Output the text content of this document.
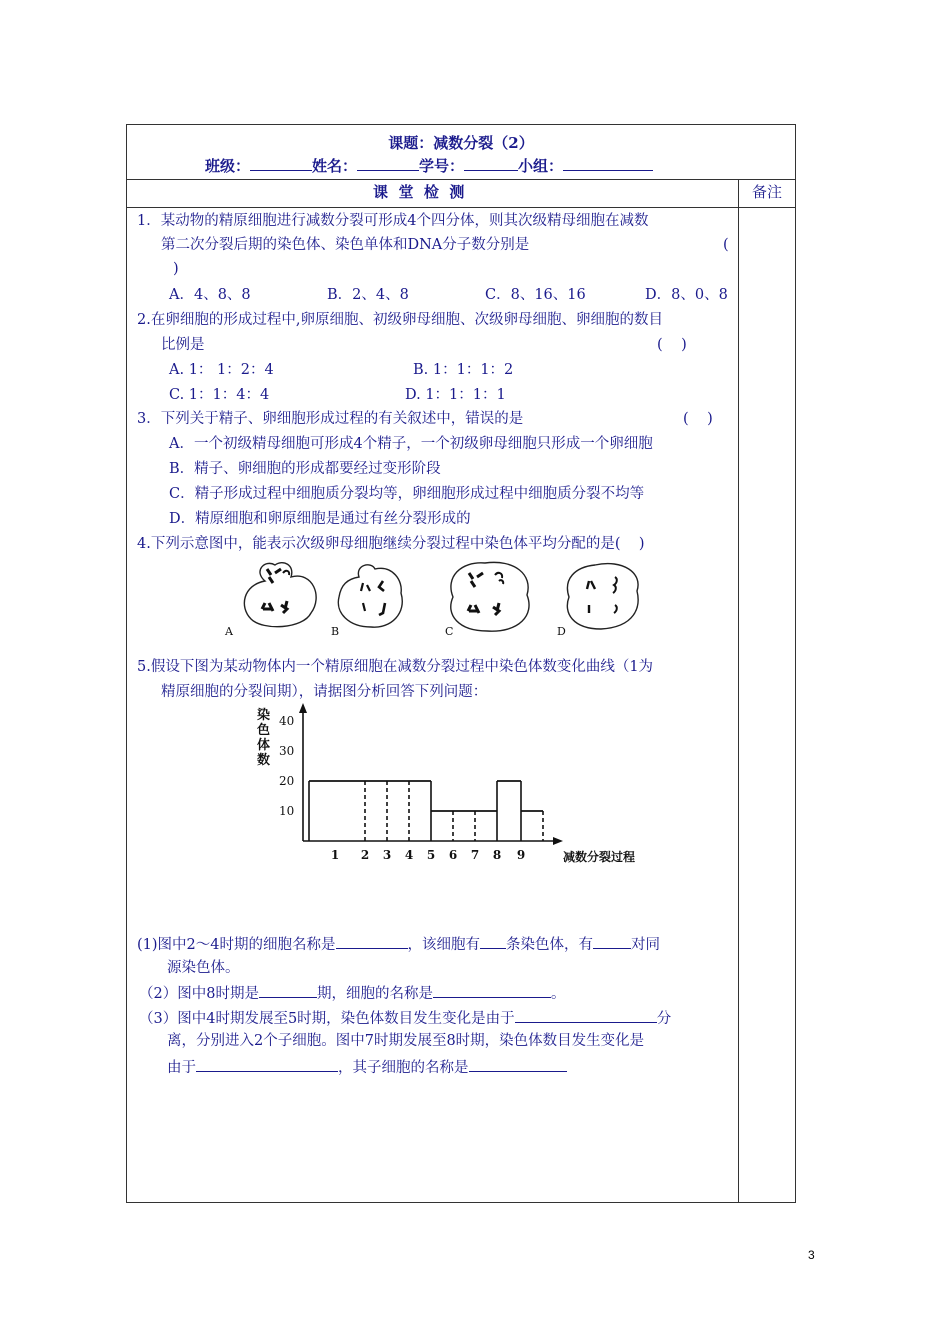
课题：减数分裂（2）
班级：	姓名：	学号：	小组：
课  堂  检  测	备注
1．某动物的精原细胞进行减数分裂可形成4个四分体，则其次级精母细胞在减数
第二次分裂后期的染色体、染色单体和DNA分子数分别是	(
)
A．4、8、8	B．2、4、8	C．8、16、16	D．8、0、8
2.在卵细胞的形成过程中,卵原细胞、初级卵母细胞、次级卵母细胞、卵细胞的数目
比例是	(    )
A. 1： 1：2：4	B. 1：1：1：2
C. 1：1：4：4	D. 1：1：1：1
3．下列关于精子、卵细胞形成过程的有关叙述中，错误的是	(    )
A．一个初级精母细胞可形成4个精子，一个初级卵母细胞只形成一个卵细胞
B．精子、卵细胞的形成都要经过变形阶段
C．精子形成过程中细胞质分裂均等，卵细胞形成过程中细胞质分裂不均等
D．精原细胞和卵原细胞是通过有丝分裂形成的
4.下列示意图中，能表示次级卵母细胞继续分裂过程中染色体平均分配的是(    )
A	B	C	D
5.假设下图为某动物体内一个精原细胞在减数分裂过程中染色体数变化曲线（1为
精原细胞的分裂间期），请据图分析回答下列问题：
染
色
体
数
10
20
30
40
1 2 3 4 5 6 7 8 9	减数分裂过程
(1)图中2～4时期的细胞名称是	，该细胞有 条染色体，有	对同
源染色体。
（2）图中8时期是	期，细胞的名称是	。
（3）图中4时期发展至5时期，染色体数目发生变化是由于	分
离，分别进入2个子细胞。图中7时期发展至8时期，染色体数目发生变化是
由于	，其子细胞的名称是
3
